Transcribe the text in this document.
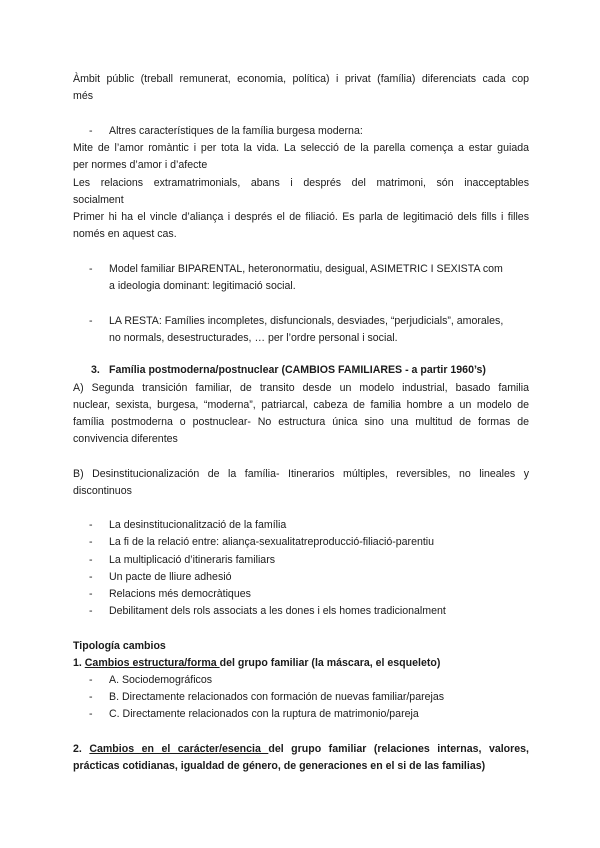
Àmbit públic (treball remunerat, economia, política) i privat (família) diferenciats cada cop
més
- Altres característiques de la família burgesa moderna:
Mite de l’amor romàntic i per tota la vida. La selecció de la parella comença a estar guiada
per normes d’amor i d’afecte
Les relacions extramatrimonials, abans i després del matrimoni, són inacceptables
socialment
Primer hi ha el vincle d’aliança i després el de filiació. Es parla de legitimació dels fills i filles
només en aquest cas.
- Model familiar BIPARENTAL, heteronormatiu, desigual, ASIMETRIC I SEXISTA com
a ideologia dominant: legitimació social.
- LA RESTA: Famílies incompletes, disfuncionals, desviades, “perjudicials”, amorales,
no normals, desestructurades, … per l’ordre personal i social.
3. Família postmoderna/postnuclear (CAMBIOS FAMILIARES - a partir 1960’s)
A) Segunda transición familiar, de transito desde un modelo industrial, basado familia
nuclear, sexista, burgesa, “moderna”, patriarcal, cabeza de familia hombre a un modelo de
família postmoderna o postnuclear- No estructura única sino una multitud de formas de
convivencia diferentes
B) Desinstitucionalización de la família- Itinerarios múltiples, reversibles, no lineales y
discontinuos
- La desinstitucionalització de la família
- La fi de la relació entre: aliança-sexualitatreproducció-filiació-parentiu
- La multiplicació d’itineraris familiars
- Un pacte de lliure adhesió
- Relacions més democràtiques
- Debilitament dels rols associats a les dones i els homes tradicionalment
Tipología cambios
1. Cambios estructura/forma del grupo familiar (la máscara, el esqueleto)
- A. Sociodemográficos
- B. Directamente relacionados con formación de nuevas familiar/parejas
- C. Directamente relacionados con la ruptura de matrimonio/pareja
2. Cambios en el carácter/esencia del grupo familiar (relaciones internas, valores,
prácticas cotidianas, igualdad de género, de generaciones en el si de las familias)
